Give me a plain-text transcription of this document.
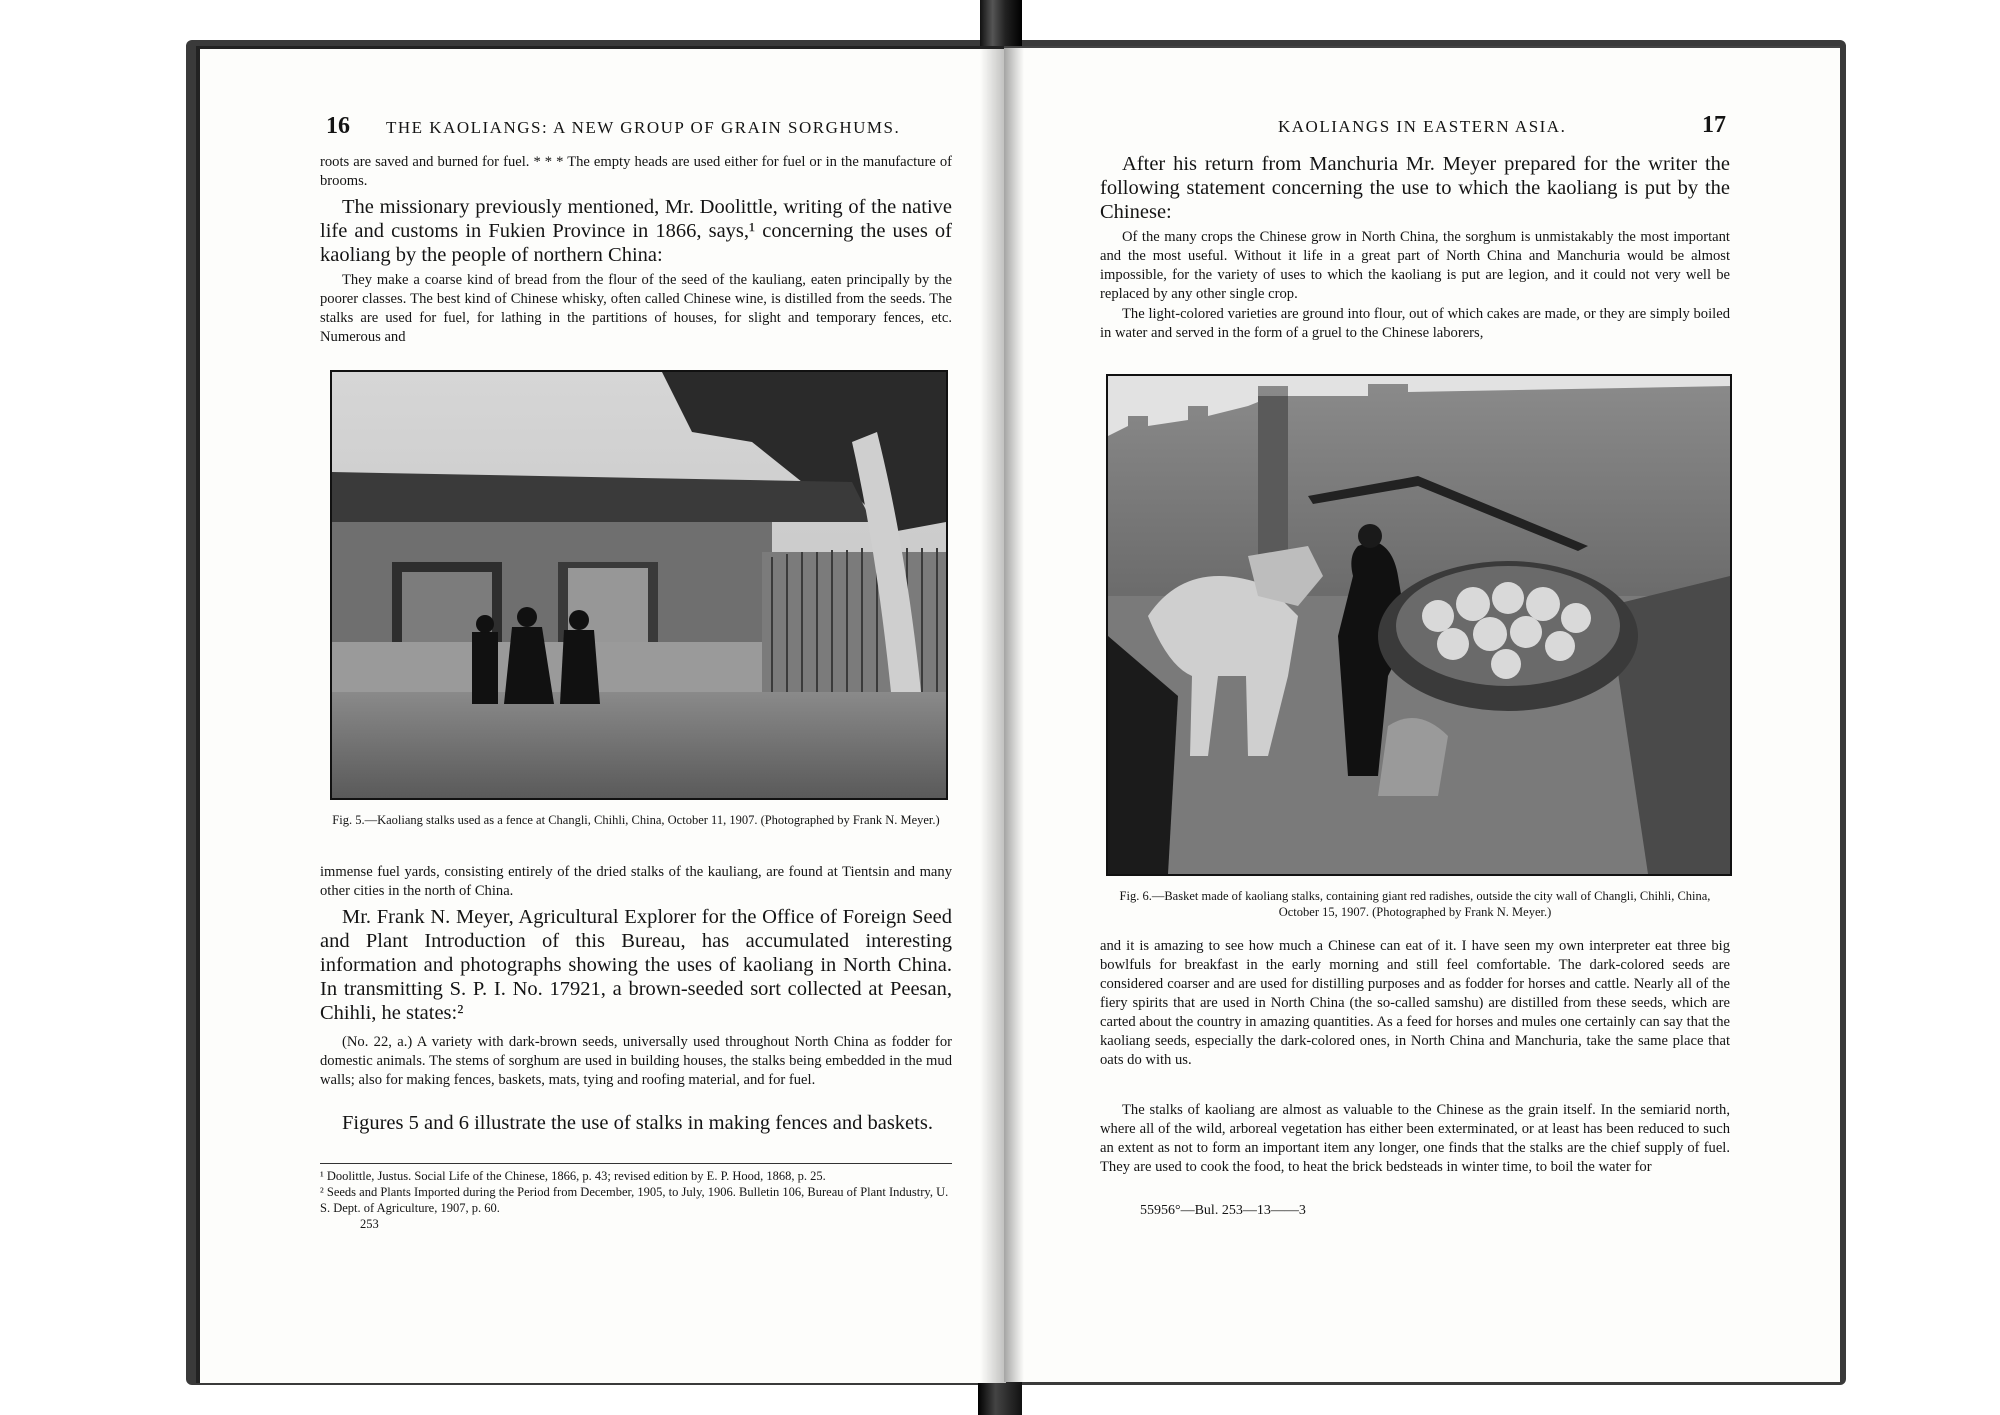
16 THE KAOLIANGS: A NEW GROUP OF GRAIN SORGHUMS.
roots are saved and burned for fuel. * * * The empty heads are used either for fuel or in the manufacture of brooms.
The missionary previously mentioned, Mr. Doolittle, writing of the native life and customs in Fukien Province in 1866, says,¹ concerning the uses of kaoliang by the people of northern China:
They make a coarse kind of bread from the flour of the seed of the kauliang, eaten principally by the poorer classes. The best kind of Chinese whisky, often called Chinese wine, is distilled from the seeds. The stalks are used for fuel, for lathing in the partitions of houses, for slight and temporary fences, etc. Numerous and
Fig. 5.—Kaoliang stalks used as a fence at Changli, Chihli, China, October 11, 1907. (Photographed by Frank N. Meyer.)
immense fuel yards, consisting entirely of the dried stalks of the kauliang, are found at Tientsin and many other cities in the north of China.
Mr. Frank N. Meyer, Agricultural Explorer for the Office of Foreign Seed and Plant Introduction of this Bureau, has accumulated interesting information and photographs showing the uses of kaoliang in North China. In transmitting S. P. I. No. 17921, a brown-seeded sort collected at Peesan, Chihli, he states:²
(No. 22, a.) A variety with dark-brown seeds, universally used throughout North China as fodder for domestic animals. The stems of sorghum are used in building houses, the stalks being embedded in the mud walls; also for making fences, baskets, mats, tying and roofing material, and for fuel.
Figures 5 and 6 illustrate the use of stalks in making fences and baskets.
¹ Doolittle, Justus. Social Life of the Chinese, 1866, p. 43; revised edition by E. P. Hood, 1868, p. 25.
² Seeds and Plants Imported during the Period from December, 1905, to July, 1906. Bulletin 106, Bureau of Plant Industry, U. S. Dept. of Agriculture, 1907, p. 60.
253
KAOLIANGS IN EASTERN ASIA.	17
After his return from Manchuria Mr. Meyer prepared for the writer the following statement concerning the use to which the kaoliang is put by the Chinese:
Of the many crops the Chinese grow in North China, the sorghum is unmistakably the most important and the most useful. Without it life in a great part of North China and Manchuria would be almost impossible, for the variety of uses to which the kaoliang is put are legion, and it could not very well be replaced by any other single crop.
The light-colored varieties are ground into flour, out of which cakes are made, or they are simply boiled in water and served in the form of a gruel to the Chinese laborers,
Fig. 6.—Basket made of kaoliang stalks, containing giant red radishes, outside the city wall of Changli, Chihli, China, October 15, 1907. (Photographed by Frank N. Meyer.)
and it is amazing to see how much a Chinese can eat of it. I have seen my own interpreter eat three big bowlfuls for breakfast in the early morning and still feel comfortable. The dark-colored seeds are considered coarser and are used for distilling purposes and as fodder for horses and cattle. Nearly all of the fiery spirits that are used in North China (the so-called samshu) are distilled from these seeds, which are carted about the country in amazing quantities. As a feed for horses and mules one certainly can say that the kaoliang seeds, especially the dark-colored ones, in North China and Manchuria, take the same place that oats do with us.
The stalks of kaoliang are almost as valuable to the Chinese as the grain itself. In the semiarid north, where all of the wild, arboreal vegetation has either been exterminated, or at least has been reduced to such an extent as not to form an important item any longer, one finds that the stalks are the chief supply of fuel. They are used to cook the food, to heat the brick bedsteads in winter time, to boil the water for
55956°—Bul. 253—13——3
